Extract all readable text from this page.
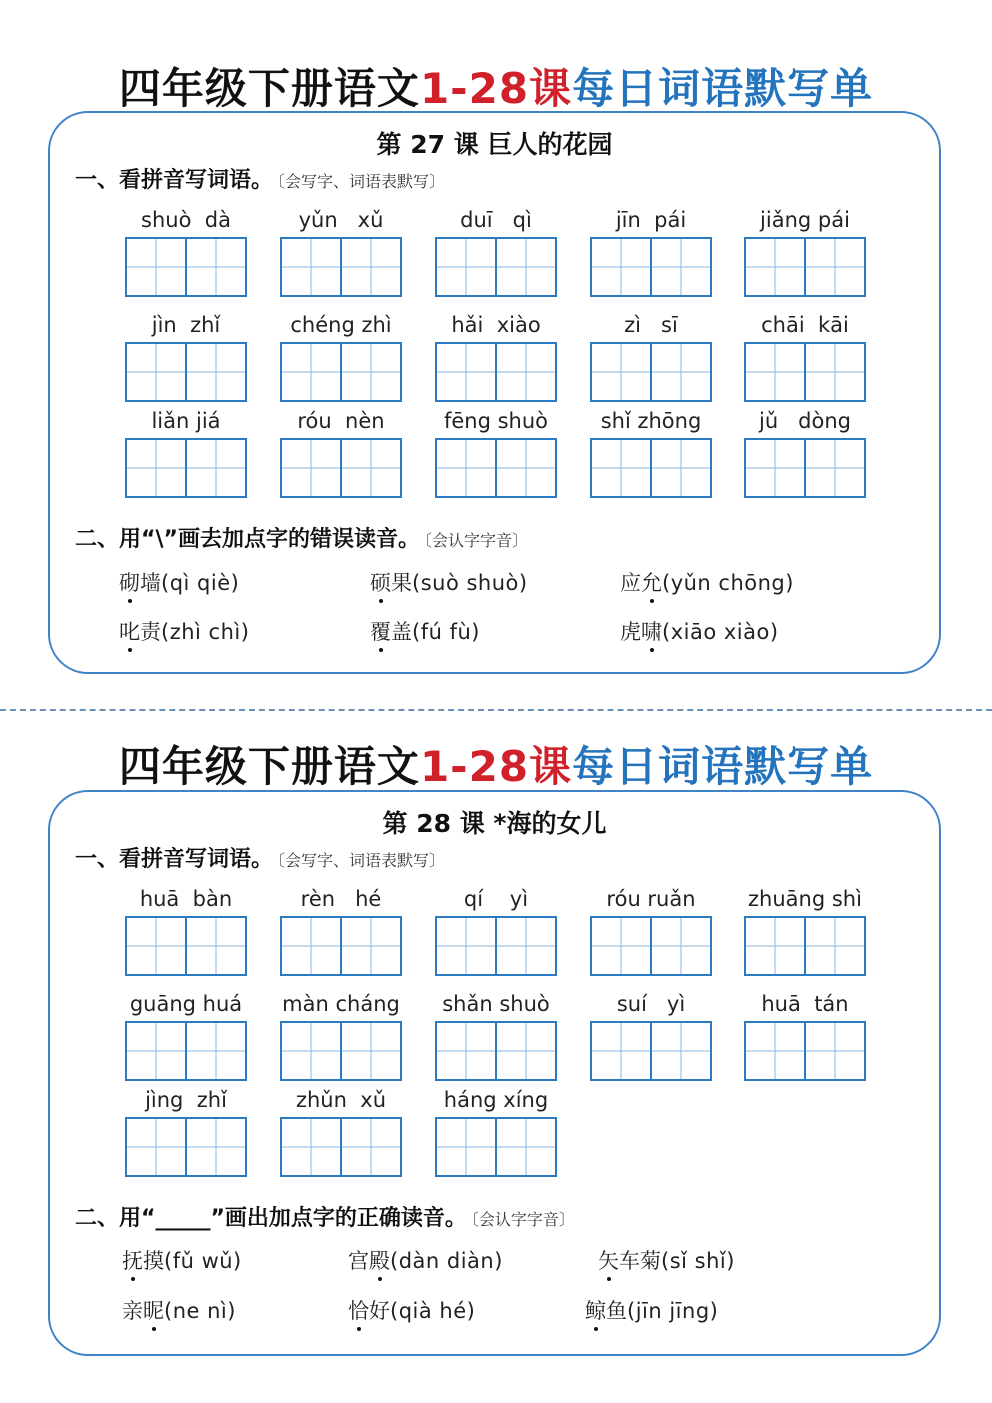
四年级下册语文1-28课每日词语默写单
第 27 课 巨人的花园
一、看拼音写词语。 〔会写字、词语表默写〕
shuò  dà	yǔn   xǔ	duī   qì	jīn  pái	jiǎng pái
jìn  zhǐ	chéng zhì	hǎi  xiào	zì   sī	chāi  kāi
liǎn jiá	róu  nèn	fēng shuò	shǐ zhōng	jǔ   dòng
二、用“\”画去加点字的错误读音。 〔会认字字音〕
砌墙(qì qiè)	硕果(suò shuò)	应允(yǔn chōng)
叱责(zhì chì)	覆盖(fú fù)	虎啸(xiāo xiào)
四年级下册语文1-28课每日词语默写单
第 28 课 *海的女儿
一、看拼音写词语。 〔会写字、词语表默写〕
huā  bàn	rèn   hé	qí    yì	róu ruǎn	zhuāng shì
guāng huá	màn cháng	shǎn shuò	suí   yì	huā  tán
jìng  zhǐ	zhǔn  xǔ	háng xíng
二、用“_____”画出加点字的正确读音。 〔会认字字音〕
抚摸(fǔ wǔ)	宫殿(dàn diàn)	矢车菊(sǐ shǐ)
亲昵(ne nì)	恰好(qià hé)	鲸鱼(jīn jīng)
